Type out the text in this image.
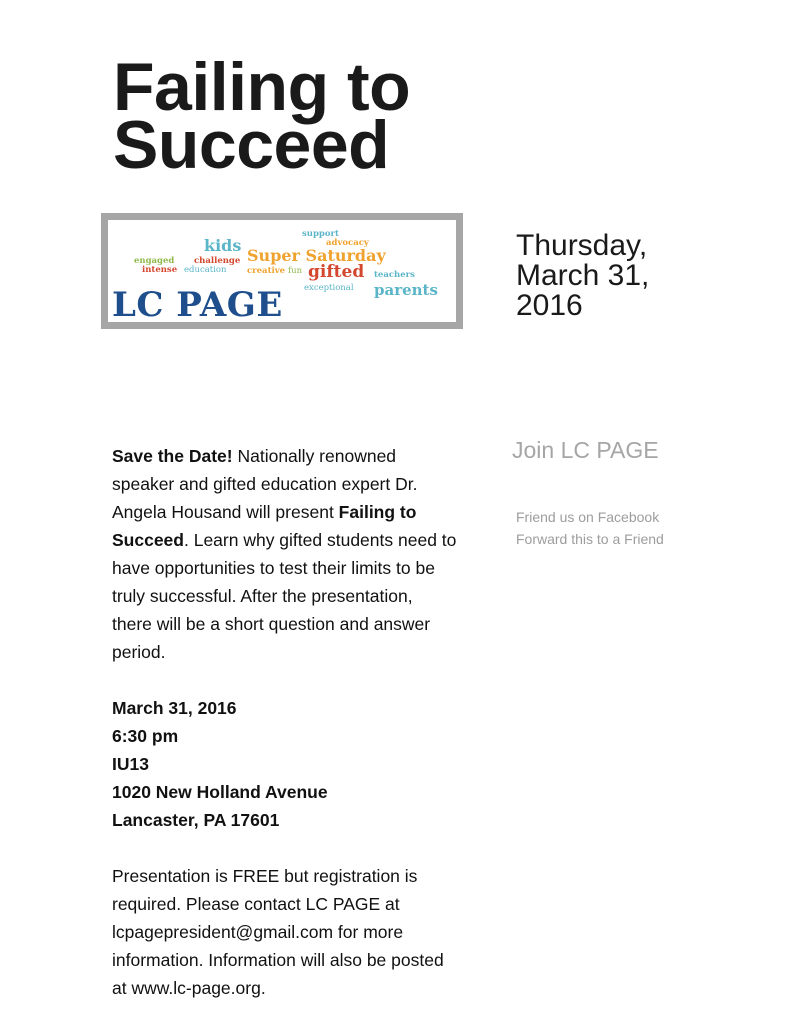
Failing to
Succeed
support
advocacy
kids
Super Saturday
engaged challenge
intense education creative fun gifted teachers
exceptional parents
LC PAGE
Thursday,
March 31,
2016
Join LC PAGE
Friend us on Facebook
Forward this to a Friend

Save the Date! Nationally renowned speaker and gifted education expert Dr. Angela Housand will present Failing to Succeed. Learn why gifted students need to have opportunities to test their limits to be truly successful. After the presentation, there will be a short question and answer period.

March 31, 2016
6:30 pm
IU13
1020 New Holland Avenue
Lancaster, PA 17601

Presentation is FREE but registration is required. Please contact LC PAGE at lcpagepresident@gmail.com for more information. Information will also be posted at www.lc-page.org.
